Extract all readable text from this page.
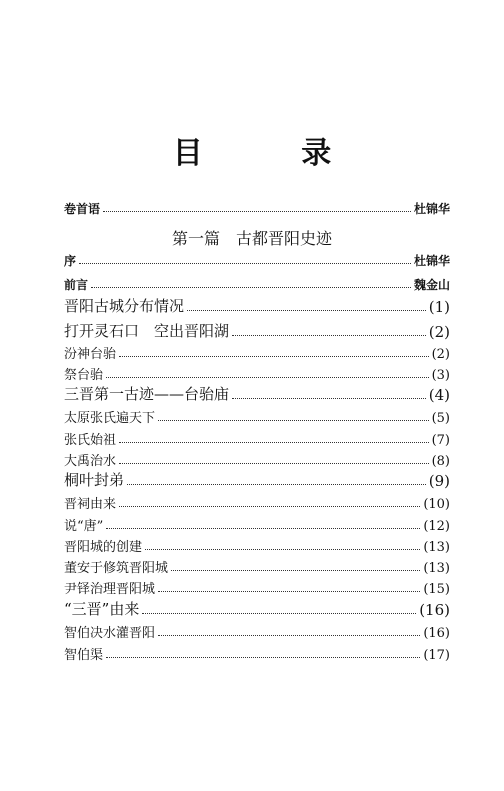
目 录
卷首语	杜锦华
第一篇　古都晋阳史迹
序	杜锦华
前言	魏金山
晋阳古城分布情况	(1)
打开灵石口　空出晋阳湖	(2)
汾神台骀	(2)
祭台骀	(3)
三晋第一古迹——台骀庙	(4)
太原张氏遍天下	(5)
张氏始祖	(7)
大禹治水	(8)
桐叶封弟	(9)
晋祠由来	(10)
说“唐”	(12)
晋阳城的创建	(13)
董安于修筑晋阳城	(13)
尹铎治理晋阳城	(15)
“三晋”由来	(16)
智伯决水灌晋阳	(16)
智伯渠	(17)
